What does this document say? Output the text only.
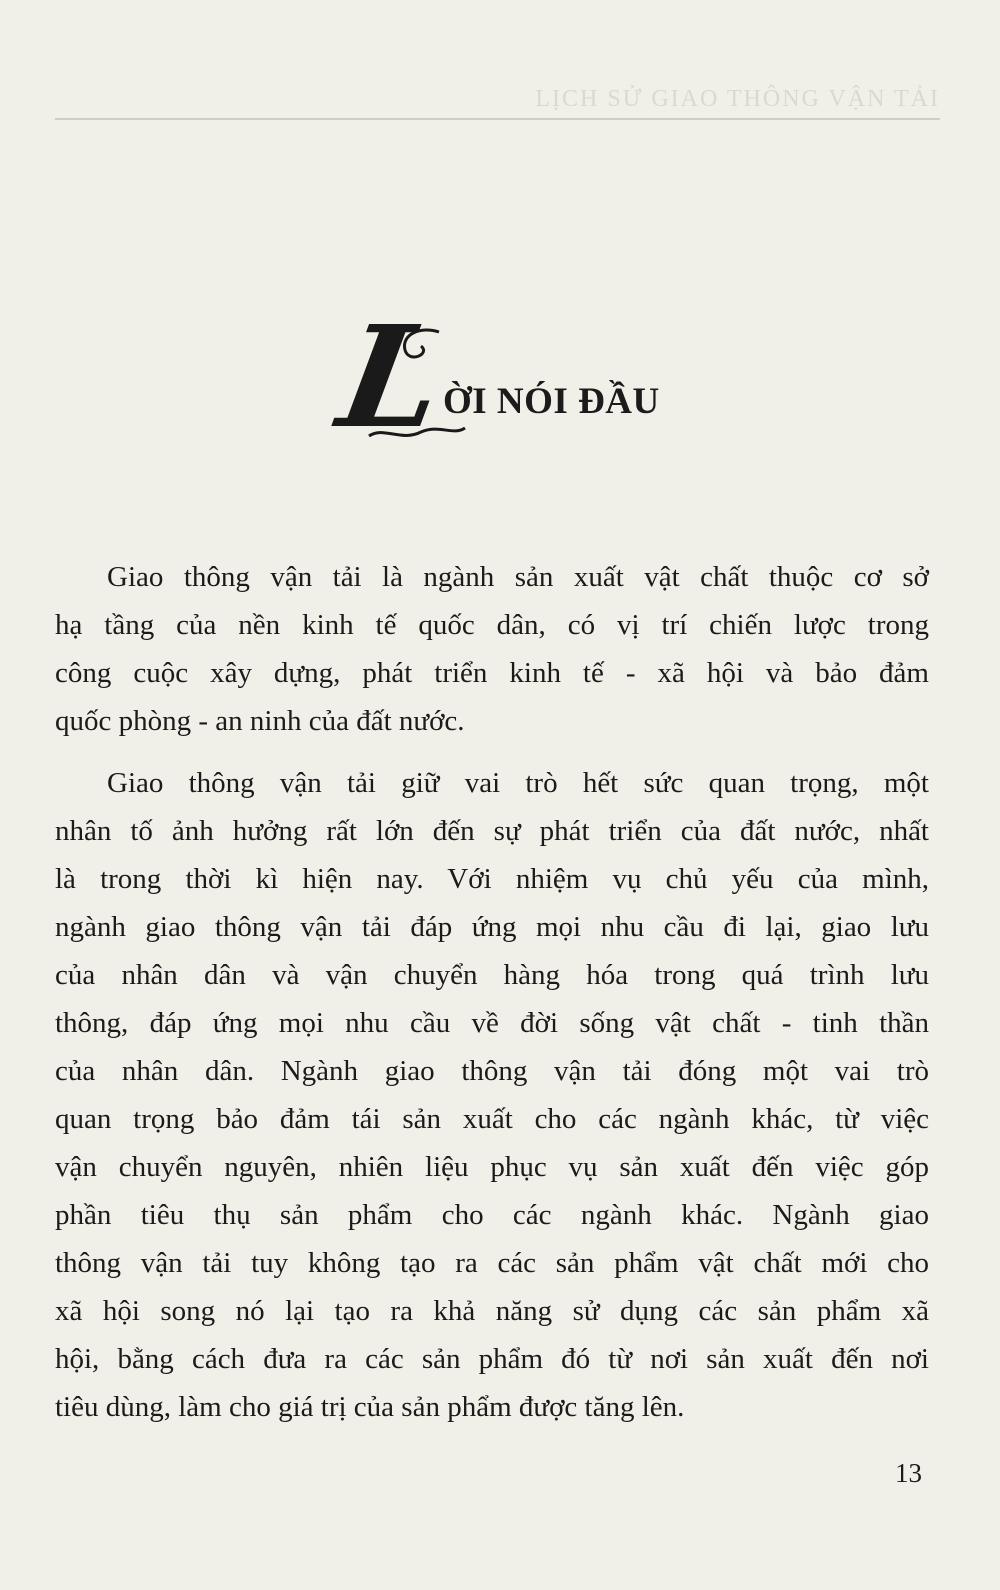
LỊCH SỬ GIAO THÔNG VẬN TẢI
L
ỜI NÓI ĐẦU
Giao thông vận tải là ngành sản xuất vật chất thuộc cơ sở
hạ tầng của nền kinh tế quốc dân, có vị trí chiến lược trong
công cuộc xây dựng, phát triển kinh tế - xã hội và bảo đảm
quốc phòng - an ninh của đất nước.
Giao thông vận tải giữ vai trò hết sức quan trọng, một
nhân tố ảnh hưởng rất lớn đến sự phát triển của đất nước, nhất
là trong thời kì hiện nay. Với nhiệm vụ chủ yếu của mình,
ngành giao thông vận tải đáp ứng mọi nhu cầu đi lại, giao lưu
của nhân dân và vận chuyển hàng hóa trong quá trình lưu
thông, đáp ứng mọi nhu cầu về đời sống vật chất - tinh thần
của nhân dân. Ngành giao thông vận tải đóng một vai trò
quan trọng bảo đảm tái sản xuất cho các ngành khác, từ việc
vận chuyển nguyên, nhiên liệu phục vụ sản xuất đến việc góp
phần tiêu thụ sản phẩm cho các ngành khác. Ngành giao
thông vận tải tuy không tạo ra các sản phẩm vật chất mới cho
xã hội song nó lại tạo ra khả năng sử dụng các sản phẩm xã
hội, bằng cách đưa ra các sản phẩm đó từ nơi sản xuất đến nơi
tiêu dùng, làm cho giá trị của sản phẩm được tăng lên.
13
